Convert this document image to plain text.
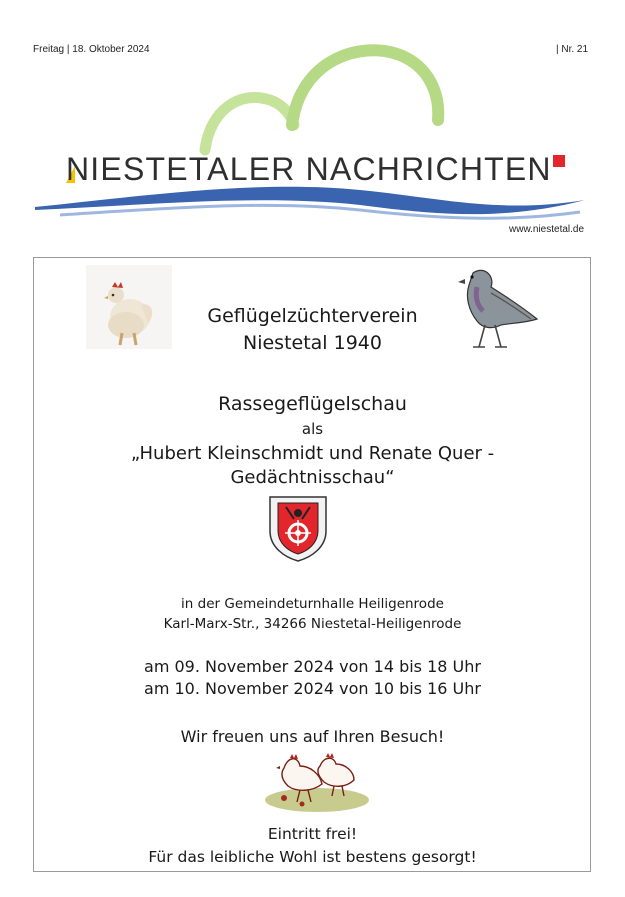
Freitag | 18. Oktober 2024	| Nr. 21
NIESTETALER NACHRICHTEN
www.niestetal.de
Geflügelzüchterverein
Niestetal 1940
Rassegeflügelschau
als
„Hubert Kleinschmidt und Renate Quer -
Gedächtnisschau“
in der Gemeindeturnhalle Heiligenrode
Karl-Marx-Str., 34266 Niestetal-Heiligenrode
am 09. November 2024 von 14 bis 18 Uhr
am 10. November 2024 von 10 bis 16 Uhr
Wir freuen uns auf Ihren Besuch!
Eintritt frei!
Für das leibliche Wohl ist bestens gesorgt!
